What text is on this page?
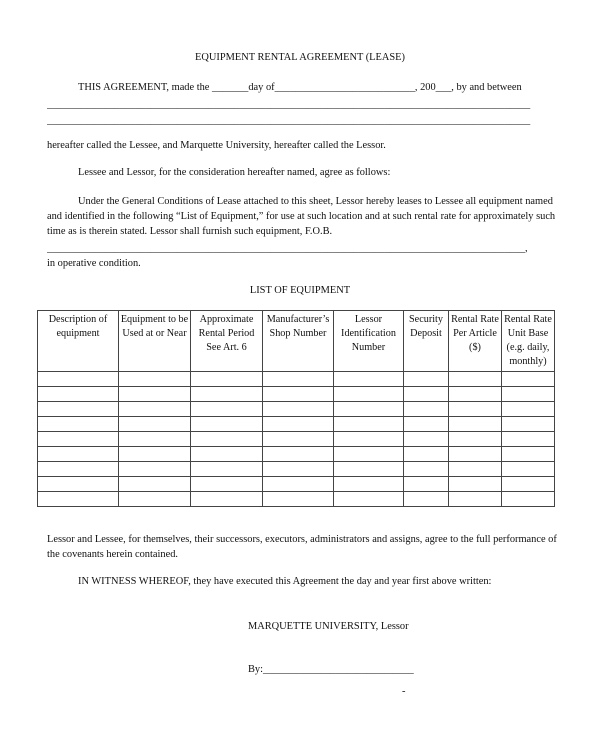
EQUIPMENT RENTAL AGREEMENT (LEASE)
THIS AGREEMENT, made the _______day of___________________________, 200___, by and between
_____________________________________________________________________________________________
_____________________________________________________________________________________________
hereafter called the Lessee, and Marquette University, hereafter called the Lessor.
Lessee and Lessor, for the consideration hereafter named, agree as follows:
Under the General Conditions of Lease attached to this sheet, Lessor hereby leases to Lessee all equipment named and identified in the following “List of Equipment,” for use at such location and at such rental rate for approximately such time as is therein stated. Lessor shall furnish such equipment, F.O.B.
____________________________________________________________________________________________,
in operative condition.
LIST OF EQUIPMENT
Description of equipment	Equipment to be Used at or Near	Approximate Rental Period See Art. 6	Manufacturer’s Shop Number	Lessor Identification Number	Security Deposit	Rental Rate Per Article ($)	Rental Rate Unit Base (e.g. daily, monthly)

Lessor and Lessee, for themselves, their successors, executors, administrators and assigns, agree to the full performance of the covenants herein contained.
IN WITNESS WHEREOF, they have executed this Agreement the day and year first above written:
MARQUETTE UNIVERSITY, Lessor
By:_____________________________
-
